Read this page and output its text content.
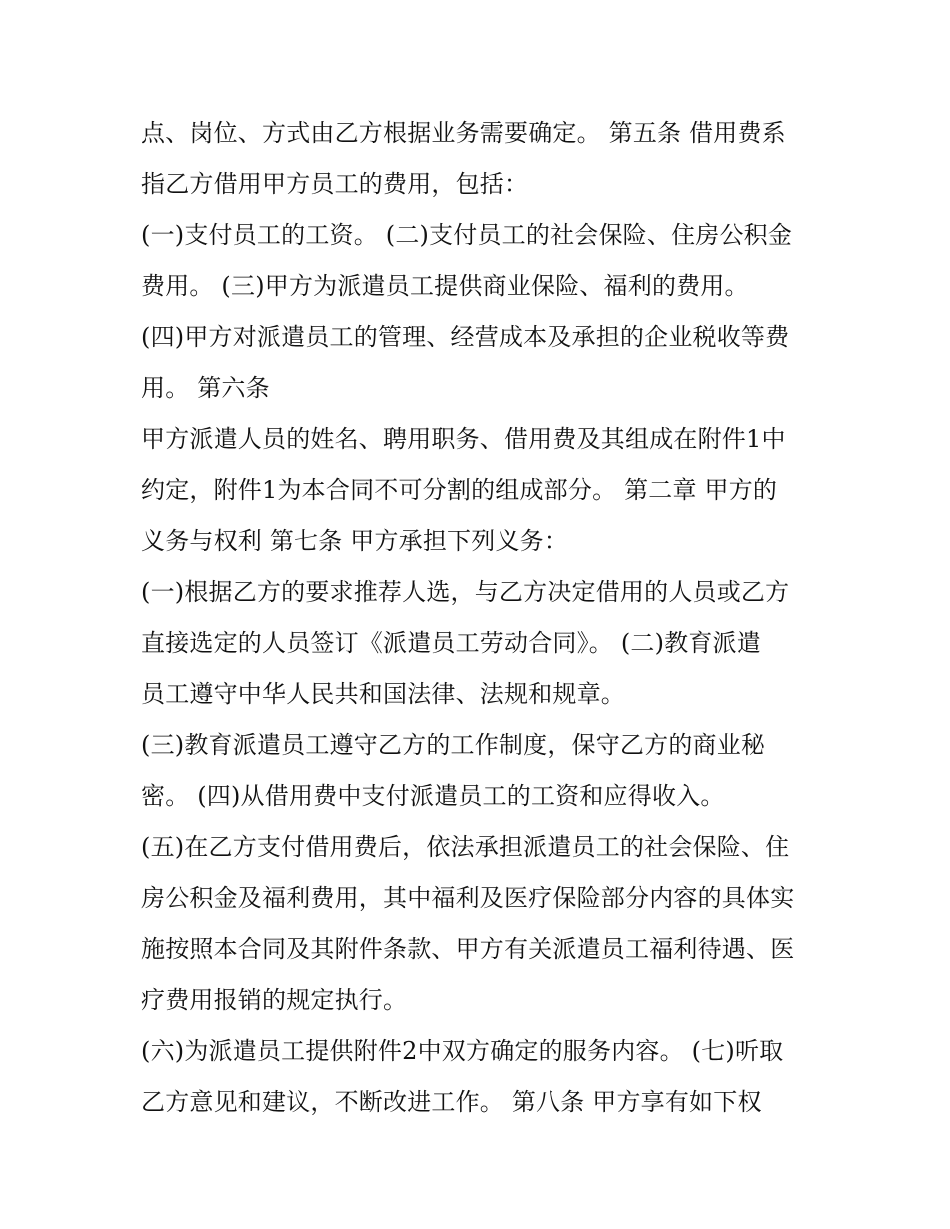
点、岗位、方式由乙方根据业务需要确定。 第五条 借用费系
指乙方借用甲方员工的费用，包括：
(一)支付员工的工资。 (二)支付员工的社会保险、住房公积金
费用。 (三)甲方为派遣员工提供商业保险、福利的费用。
(四)甲方对派遣员工的管理、经营成本及承担的企业税收等费
用。 第六条
甲方派遣人员的姓名、聘用职务、借用费及其组成在附件1中
约定，附件1为本合同不可分割的组成部分。 第二章 甲方的
义务与权利 第七条 甲方承担下列义务：
(一)根据乙方的要求推荐人选，与乙方决定借用的人员或乙方
直接选定的人员签订《派遣员工劳动合同》。 (二)教育派遣
员工遵守中华人民共和国法律、法规和规章。
(三)教育派遣员工遵守乙方的工作制度，保守乙方的商业秘
密。 (四)从借用费中支付派遣员工的工资和应得收入。
(五)在乙方支付借用费后，依法承担派遣员工的社会保险、住
房公积金及福利费用，其中福利及医疗保险部分内容的具体实
施按照本合同及其附件条款、甲方有关派遣员工福利待遇、医
疗费用报销的规定执行。
(六)为派遣员工提供附件2中双方确定的服务内容。 (七)听取
乙方意见和建议，不断改进工作。 第八条 甲方享有如下权
